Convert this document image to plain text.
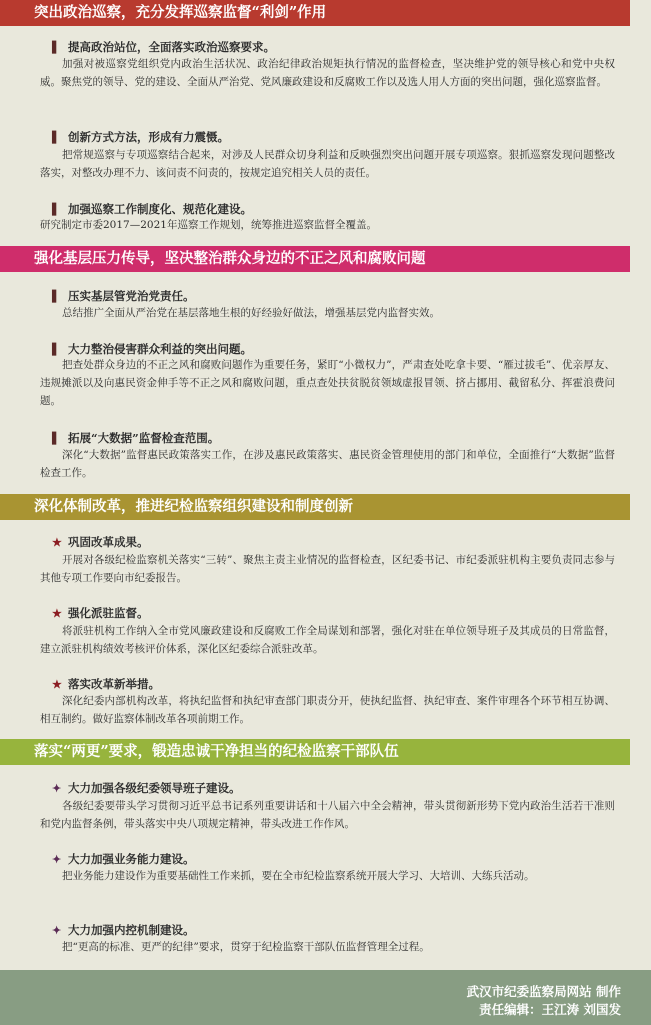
突出政治巡察，充分发挥巡察监督“利剑”作用
▌ 提高政治站位，全面落实政治巡察要求。
加强对被巡察党组织党内政治生活状况、政治纪律政治规矩执行情况的监督检查，坚决维护党的领导核心和党中央权威。聚焦党的领导、党的建设、全面从严治党、党风廉政建设和反腐败工作以及选人用人方面的突出问题，强化巡察监督。
▌ 创新方式方法，形成有力震慑。
把常规巡察与专项巡察结合起来，对涉及人民群众切身利益和反映强烈突出问题开展专项巡察。狠抓巡察发现问题整改落实，对整改办理不力、该问责不问责的，按规定追究相关人员的责任。
▌ 加强巡察工作制度化、规范化建设。
研究制定市委2017—2021年巡察工作规划，统筹推进巡察监督全覆盖。
强化基层压力传导，坚决整治群众身边的不正之风和腐败问题
▌ 压实基层管党治党责任。
总结推广全面从严治党在基层落地生根的好经验好做法，增强基层党内监督实效。
▌ 大力整治侵害群众利益的突出问题。
把查处群众身边的不正之风和腐败问题作为重要任务，紧盯“小微权力”，严肃查处吃拿卡要、“雁过拔毛”、优亲厚友、违规摊派以及向惠民资金伸手等不正之风和腐败问题，重点查处扶贫脱贫领域虚报冒领、挤占挪用、截留私分、挥霍浪费问题。
▌ 拓展“大数据”监督检查范围。
深化“大数据”监督惠民政策落实工作，在涉及惠民政策落实、惠民资金管理使用的部门和单位，全面推行“大数据”监督检查工作。
深化体制改革，推进纪检监察组织建设和制度创新
★ 巩固改革成果。
开展对各级纪检监察机关落实“三转”、聚焦主责主业情况的监督检查，区纪委书记、市纪委派驻机构主要负责同志参与其他专项工作要向市纪委报告。
★ 强化派驻监督。
将派驻机构工作纳入全市党风廉政建设和反腐败工作全局谋划和部署，强化对驻在单位领导班子及其成员的日常监督，建立派驻机构绩效考核评价体系，深化区纪委综合派驻改革。
★ 落实改革新举措。
深化纪委内部机构改革，将执纪监督和执纪审查部门职责分开，使执纪监督、执纪审查、案件审理各个环节相互协调、相互制约。做好监察体制改革各项前期工作。
落实“两更”要求，锻造忠诚干净担当的纪检监察干部队伍
✦ 大力加强各级纪委领导班子建设。
各级纪委要带头学习贯彻习近平总书记系列重要讲话和十八届六中全会精神，带头贯彻新形势下党内政治生活若干准则和党内监督条例，带头落实中央八项规定精神，带头改进工作作风。
✦ 大力加强业务能力建设。
把业务能力建设作为重要基础性工作来抓，要在全市纪检监察系统开展大学习、大培训、大练兵活动。
✦ 大力加强内控机制建设。
把“更高的标准、更严的纪律”要求，贯穿于纪检监察干部队伍监督管理全过程。
武汉市纪委监察局网站 制作
责任编辑：王江涛 刘国发
